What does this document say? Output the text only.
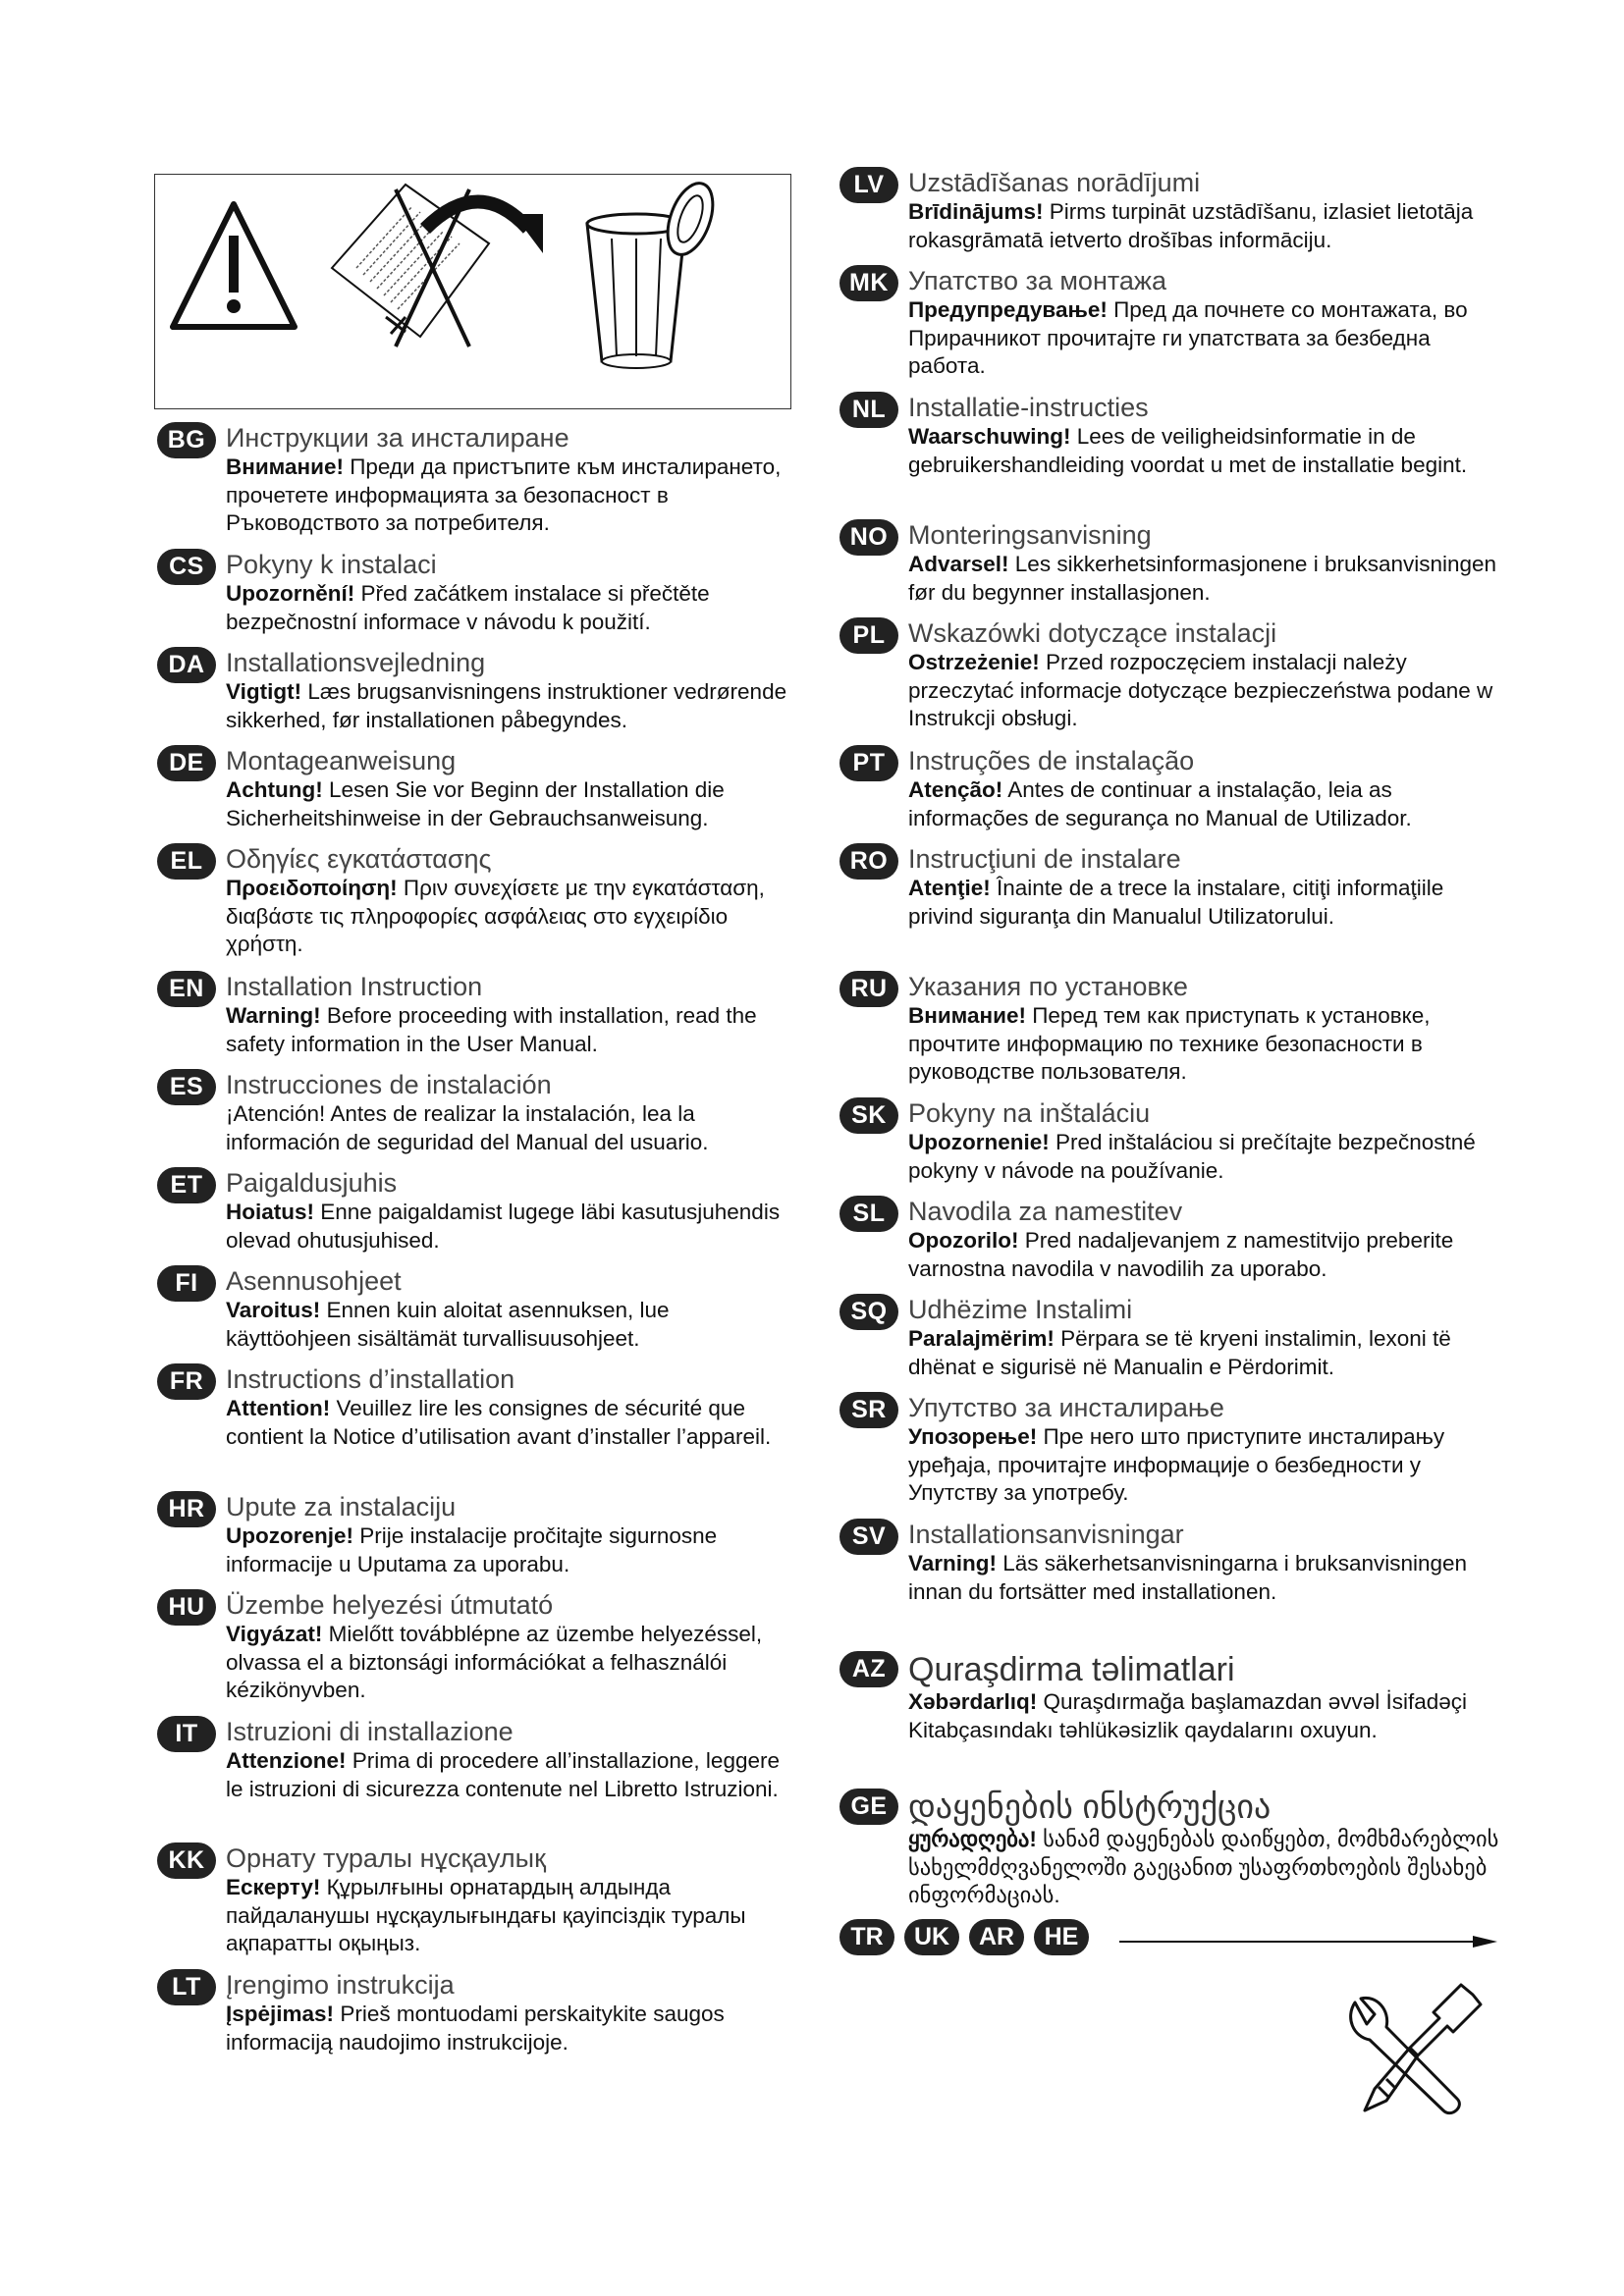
BG Инструкции за инсталиране

Внимание! Преди да пристъпите към инсталирането, прочетете информацията за безопасност в Ръководството за потребителя.

CS Pokyny k instalaci

Upozornění! Před začátkem instalace si přečtěte bezpečnostní informace v návodu k použití.

DA Installationsvejledning

Vigtigt! Læs brugsanvisningens instruktioner vedrørende sikkerhed, før installationen påbegyndes.

DE Montageanweisung

Achtung! Lesen Sie vor Beginn der Installation die Sicherheitshinweise in der Gebrauchsanweisung.

EL Οδηγίες εγκατάστασης

Προειδοποίηση! Πριν συνεχίσετε με την εγκατάσταση, διαβάστε τις πληροφορίες ασφάλειας στο εγχειρίδιο χρήστη.

EN Installation Instruction

Warning! Before proceeding with installation, read the safety information in the User Manual.

ES Instrucciones de instalación

¡Atención! Antes de realizar la instalación, lea la información de seguridad del Manual del usuario.

ET Paigaldusjuhis

Hoiatus! Enne paigaldamist lugege läbi kasutusjuhendis olevad ohutusjuhised.

FI	Asennusohjeet

Varoitus! Ennen kuin aloitat asennuksen, lue käyttöohjeen sisältämät turvallisuusohjeet.

FR Instructions d’installation

Attention! Veuillez lire les consignes de sécurité que contient la Notice d’utilisation avant d’installer l’appareil.

HR Upute za instalaciju

Upozorenje! Prije instalacije pročitajte sigurnosne informacije u Uputama za uporabu.

HU Üzembe helyezési útmutató

Vigyázat! Mielőtt továbblépne az üzembe helyezéssel, olvassa el a biztonsági információkat a felhasználói kézikönyvben.

IT	Istruzioni di installazione

Attenzione! Prima di procedere all’installazione, leggere le istruzioni di sicurezza contenute nel Libretto Istruzioni.

KK Орнату туралы нұсқаулық

Ескерту! Құрылғыны орнатардың алдында пайдаланушы нұсқаулығындағы қауіпсіздік туралы ақпаратты оқыңыз.

LT Įrengimo instrukcija

Įspėjimas! Prieš montuodami perskaitykite saugos informaciją naudojimo instrukcijoje.

LV Uzstādīšanas norādījumi

Brīdinājums! Pirms turpināt uzstādīšanu, izlasiet lietotāja rokasgrāmatā ietverto drošības informāciju.

MK Упатство за монтажа

Предупредување! Пред да почнете со монтажата, во Прирачникот прочитајте ги упатствата за безбедна работа.

NL Installatie-instructies

Waarschuwing! Lees de veiligheidsinformatie in de gebruikershandleiding voordat u met de installatie begint.

NO Monteringsanvisning

Advarsel! Les sikkerhetsinformasjonene i bruksanvisningen før du begynner installasjonen.

PL Wskazówki dotyczące instalacji

Ostrzeżenie! Przed rozpoczęciem instalacji należy przeczytać informacje dotyczące bezpieczeństwa podane w Instrukcji obsługi.

PT Instruções de instalação

Atenção! Antes de continuar a instalação, leia as informações de segurança no Manual de Utilizador.

RO Instrucţiuni de instalare

Atenţie! Înainte de a trece la instalare, citiţi informaţiile privind siguranţa din Manualul Utilizatorului.

RU Указания по установке

Внимание! Перед тем как приступать к установке, прочтите информацию по технике безопасности в руководстве пользователя.

SK Pokyny na inštaláciu

Upozornenie! Pred inštaláciou si prečítajte bezpečnostné pokyny v návode na používanie.

SL Navodila za namestitev

Opozorilo! Pred nadaljevanjem z namestitvijo preberite varnostna navodila v navodilih za uporabo.

SQ Udhëzime Instalimi

Paralajmërim! Përpara se të kryeni instalimin, lexoni të dhënat e sigurisë në Manualin e Përdorimit.

SR Упутство за инсталирање

Упозорење! Пре него што приступите инсталирању уређаја, прочитајте информације о безбедности у Упутству за употребу.

SV Installationsanvisningar

Varning! Läs säkerhetsanvisningarna i bruksanvisningen innan du fortsätter med installationen.

AZ Quraşdirma təlimatlari

Xəbərdarlıq! Quraşdırmağa başlamazdan əvvəl İsifadəçi Kitabçasındakı təhlükəsizlik qaydalarını oxuyun.

GE დაყენების ინსტრუქცია

ყურადღება! სანამ დაყენებას დაიწყებთ, მომხმარებლის სახელმძღვანელოში გაეცანით უსაფრთხოების შესახებ ინფორმაციას.

TR	UK	AR	HE
